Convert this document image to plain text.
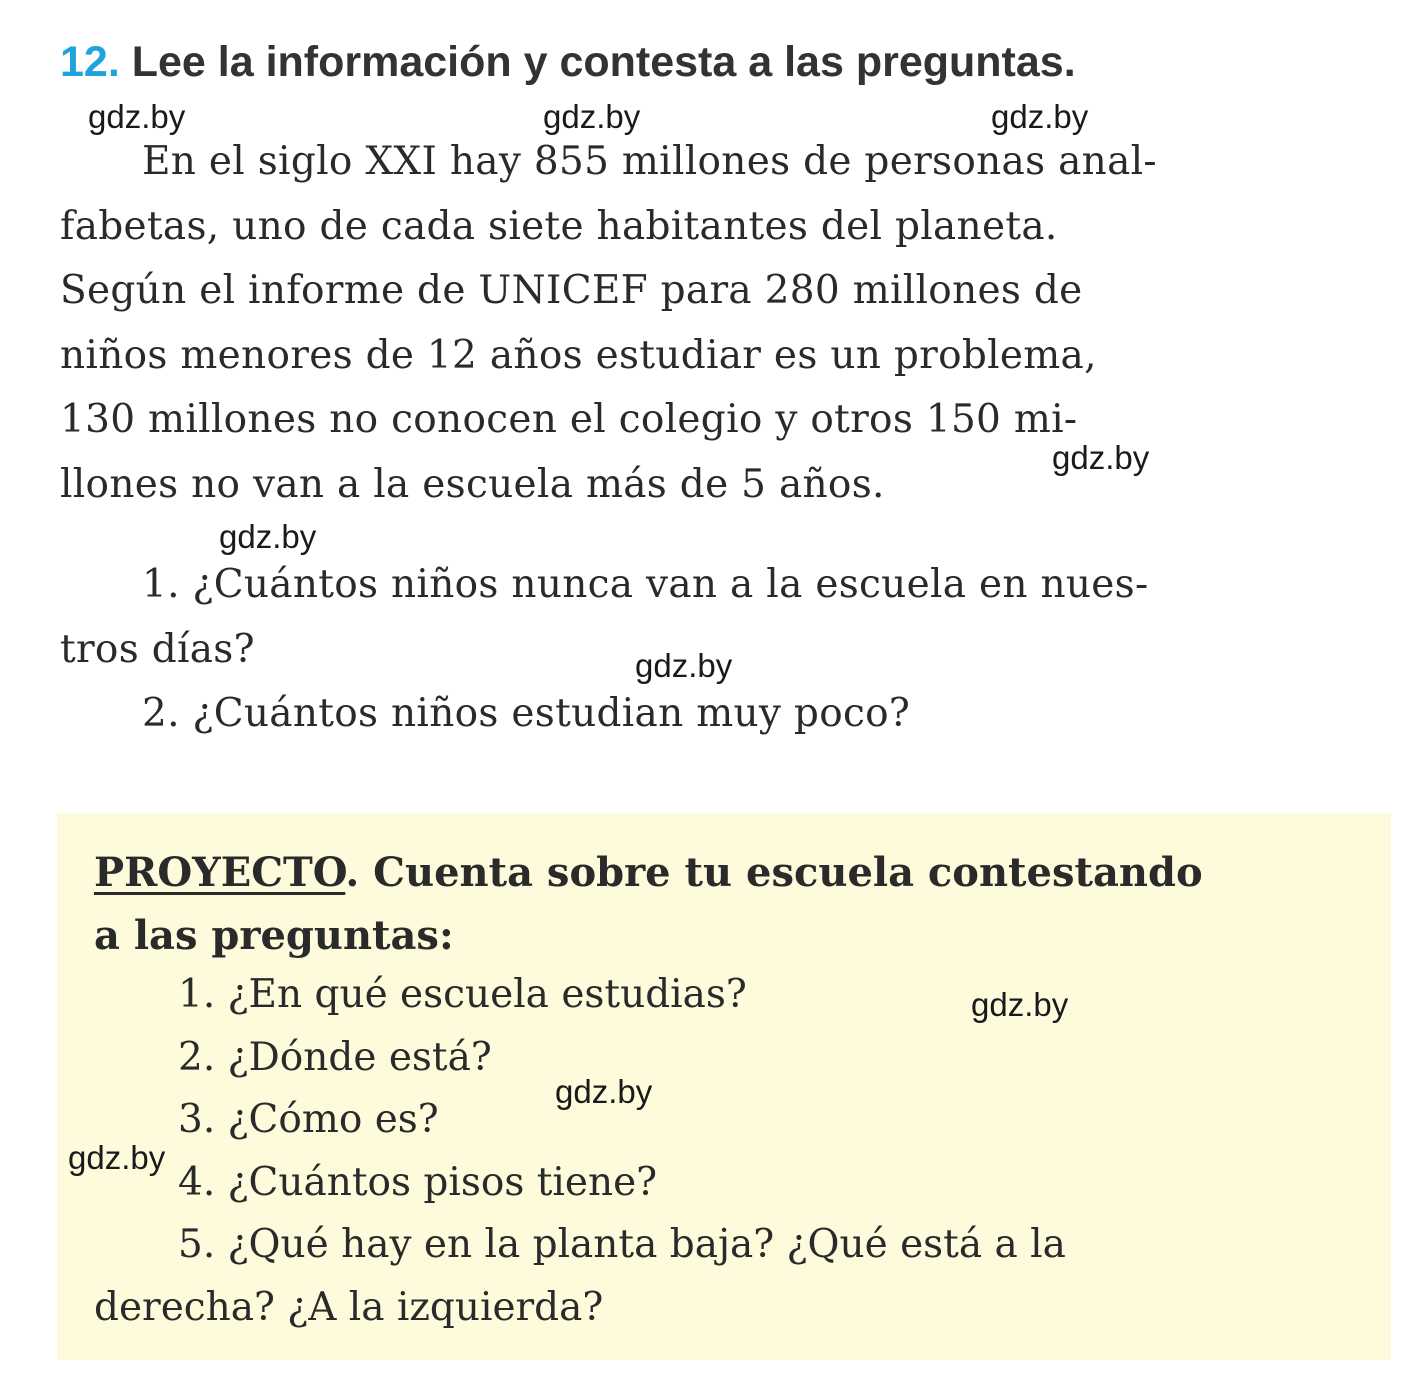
12. Lee la información y contesta a las preguntas.

En el siglo XXI hay 855 millones de personas anal-

fabetas, uno de cada siete habitantes del planeta.

Según el informe de UNICEF para 280 millones de

niños menores de 12 años estudiar es un problema,

130 millones no conocen el colegio y otros 150 mi-

llones no van a la escuela más de 5 años.

1. ¿Cuántos niños nunca van a la escuela en nues-

tros días?

2. ¿Cuántos niños estudian muy poco?

PROYECTO. Cuenta sobre tu escuela contestando

a las preguntas:

1. ¿En qué escuela estudias?

2. ¿Dónde está?

3. ¿Cómo es?

4. ¿Cuántos pisos tiene?

5. ¿Qué hay en la planta baja? ¿Qué está a la

derecha? ¿A la izquierda?

gdz.by	gdz.by	gdz.by
gdz.by
gdz.by
gdz.by
gdz.by
gdz.by
gdz.by
